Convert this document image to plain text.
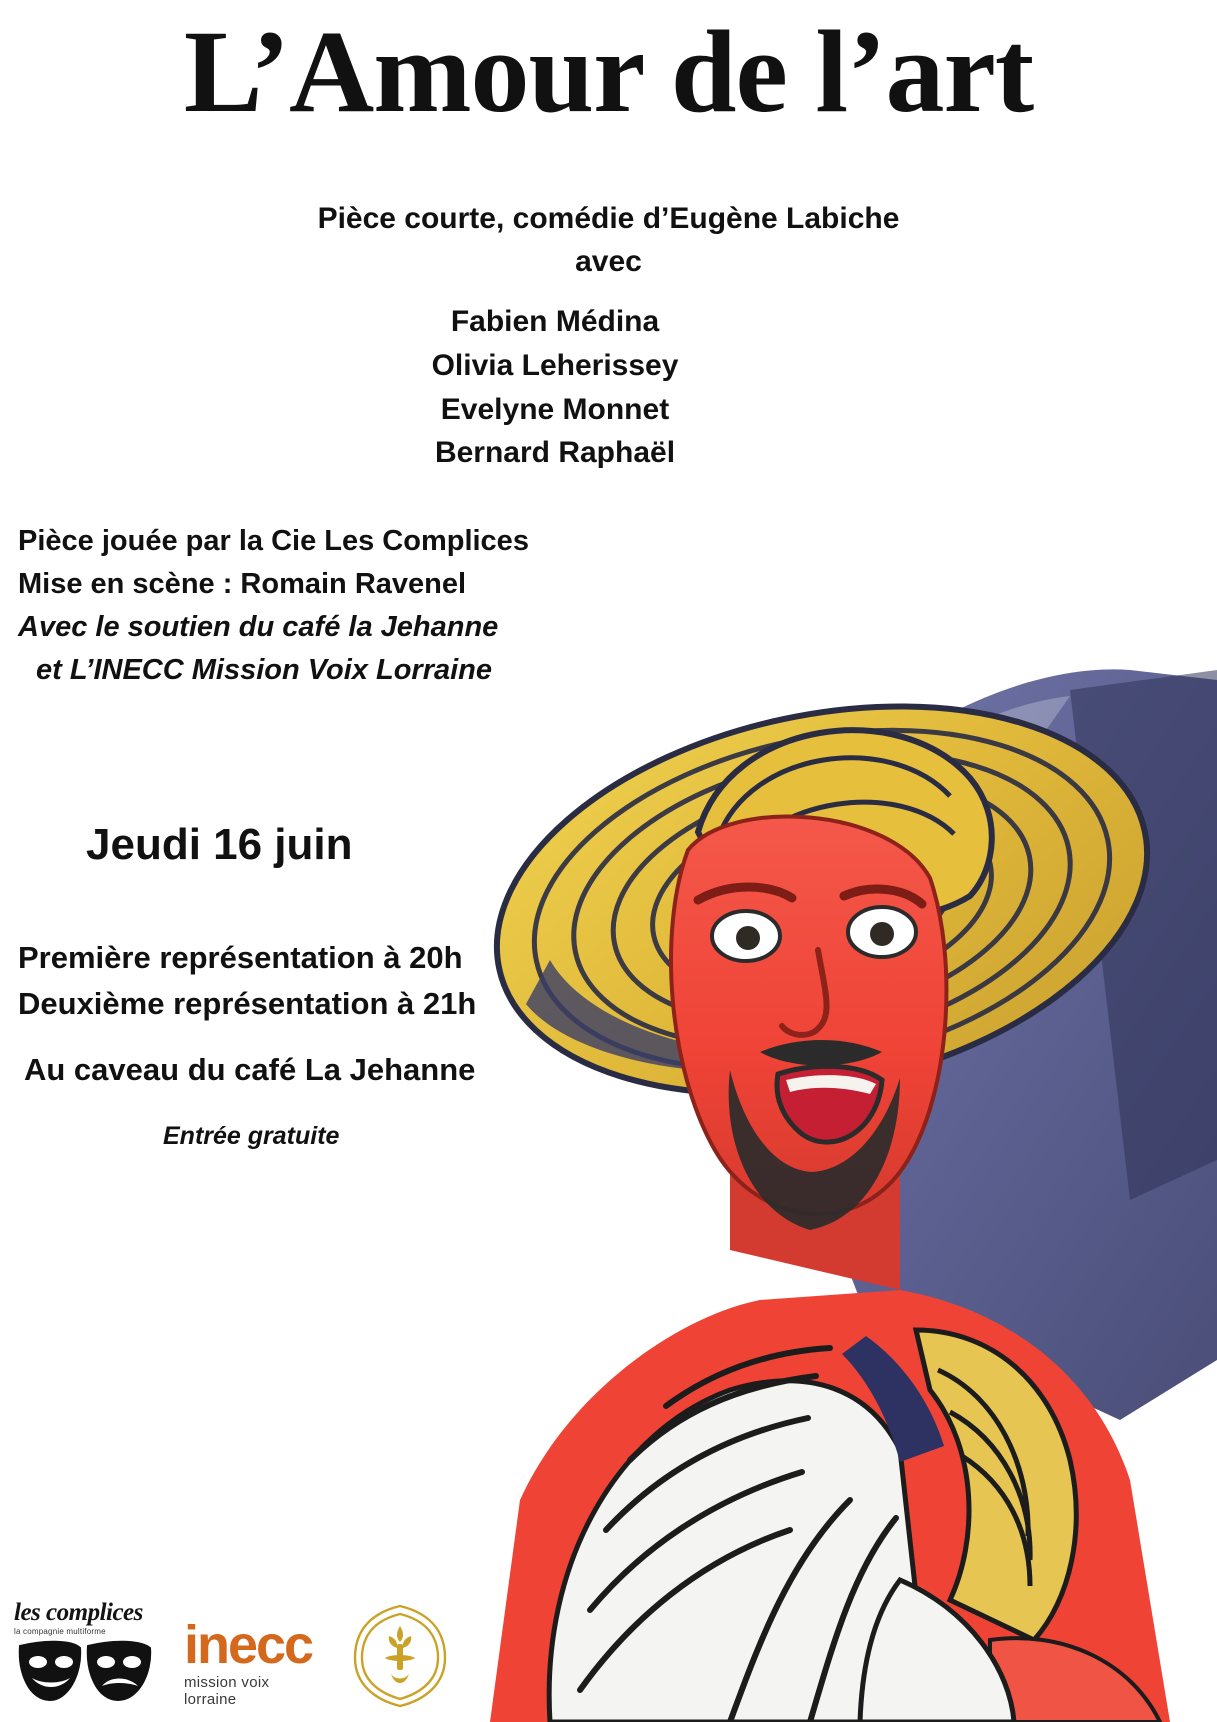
L’Amour de l’art
Pièce courte, comédie d’Eugène Labiche
avec
Fabien Médina
Olivia Leherissey
Evelyne Monnet
Bernard Raphaël
Pièce jouée par la Cie Les Complices
Mise en scène : Romain Ravenel
Avec le soutien du café la Jehanne
et L’INECC Mission Voix Lorraine
Jeudi 16 juin
Première représentation à 20h
Deuxième représentation à 21h
Au caveau du café La Jehanne
Entrée gratuite
les complices
la compagnie multiforme	inecc
mission voix lorraine
